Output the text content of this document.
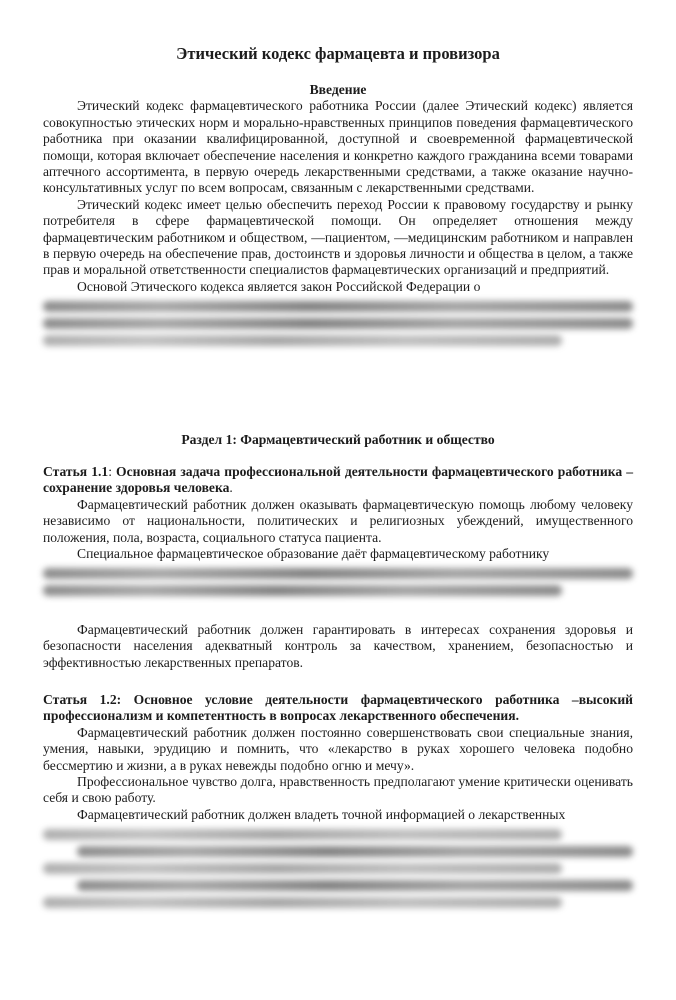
Этический кодекс фармацевта и провизора
Введение

Этический кодекс фармацевтического работника России (далее Этический кодекс) является совокупностью этических норм и морально-нравственных принципов поведения фармацевтического работника при оказании квалифицированной, доступной и своевременной фармацевтической помощи, которая включает обеспечение населения и конкретно каждого гражданина всеми товарами аптечного ассортимента, в первую очередь лекарственными средствами, а также оказание научно-консультативных услуг по всем вопросам, связанным с лекарственными средствами.

Этический кодекс имеет целью обеспечить переход России к правовому государству и рынку потребителя в сфере фармацевтической помощи. Он определяет отношения между фармацевтическим работником и обществом, —пациентом, —медицинским работником и направлен в первую очередь на обеспечение прав, достоинств и здоровья личности и общества в целом, а также прав и моральной ответственности специалистов фармацевтических организаций и предприятий.

Основой Этического кодекса является закон Российской Федерации о

Раздел 1: Фармацевтический работник и общество

Статья 1.1: Основная задача профессиональной деятельности фармацевтического работника – сохранение здоровья человека.

Фармацевтический работник должен оказывать фармацевтическую помощь любому человеку независимо от национальности, политических и религиозных убеждений, имущественного положения, пола, возраста, социального статуса пациента.

Специальное фармацевтическое образование даёт фармацевтическому работнику

Фармацевтический работник должен гарантировать в интересах сохранения здоровья и безопасности населения адекватный контроль за качеством, хранением, безопасностью и эффективностью лекарственных препаратов.

Статья 1.2: Основное условие деятельности фармацевтического работника –высокий профессионализм и компетентность в вопросах лекарственного обеспечения.

Фармацевтический работник должен постоянно совершенствовать свои специальные знания, умения, навыки, эрудицию и помнить, что «лекарство в руках хорошего человека подобно бессмертию и жизни, а в руках невежды подобно огню и мечу».

Профессиональное чувство долга, нравственность предполагают умение критически оценивать себя и свою работу.

Фармацевтический работник должен владеть точной информацией о лекарственных
